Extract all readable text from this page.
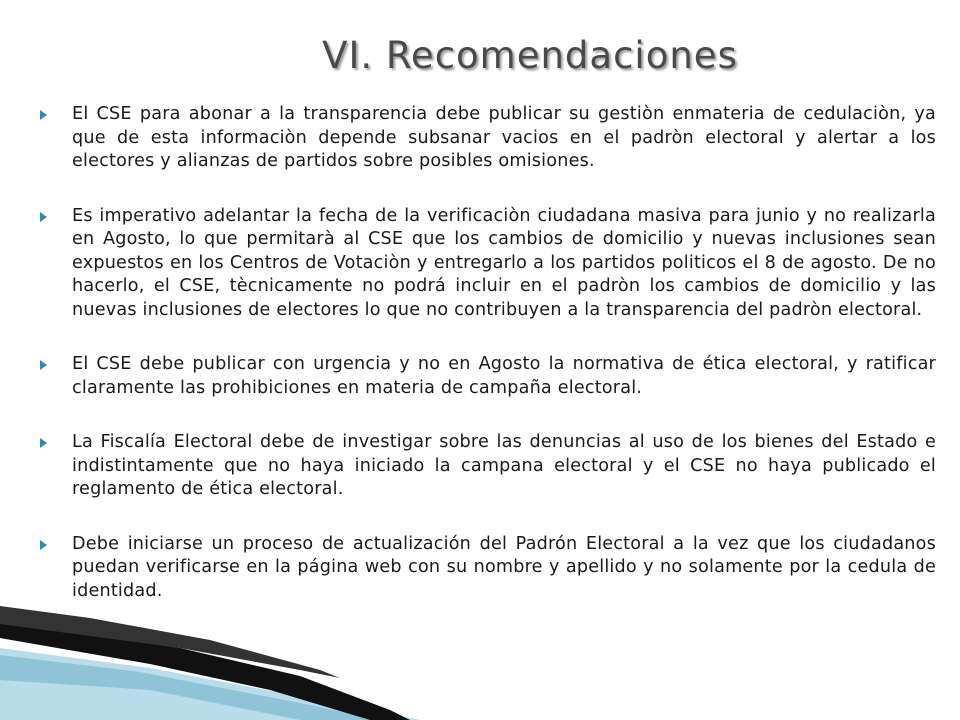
VI. Recomendaciones
El CSE para abonar a la transparencia debe publicar su gestiòn enmateria de cedulaciòn, ya que de esta informaciòn depende subsanar vacios en el padròn electoral y alertar a los electores y alianzas de partidos sobre posibles omisiones.
Es imperativo adelantar la fecha de la verificaciòn ciudadana masiva para junio y no realizarla en Agosto, lo que permitarà al CSE que los cambios de domicilio y nuevas inclusiones sean expuestos en los Centros de Votaciòn y entregarlo a los partidos politicos el 8 de agosto. De no hacerlo, el CSE, tècnicamente no podrá incluir en el padròn los cambios de domicilio y las nuevas inclusiones de electores lo que no contribuyen a la transparencia del padròn electoral.
El CSE debe publicar con urgencia y no en Agosto la normativa de ética electoral, y ratificar claramente las prohibiciones en materia de campaña electoral.
La Fiscalía Electoral debe de investigar sobre las denuncias al uso de los bienes del Estado e indistintamente que no haya iniciado la campana electoral y el CSE no haya publicado el reglamento de ética electoral.
Debe iniciarse un proceso de actualización del Padrón Electoral a la vez que los ciudadanos puedan verificarse en la página web con su nombre y apellido y no solamente por la cedula de identidad.
